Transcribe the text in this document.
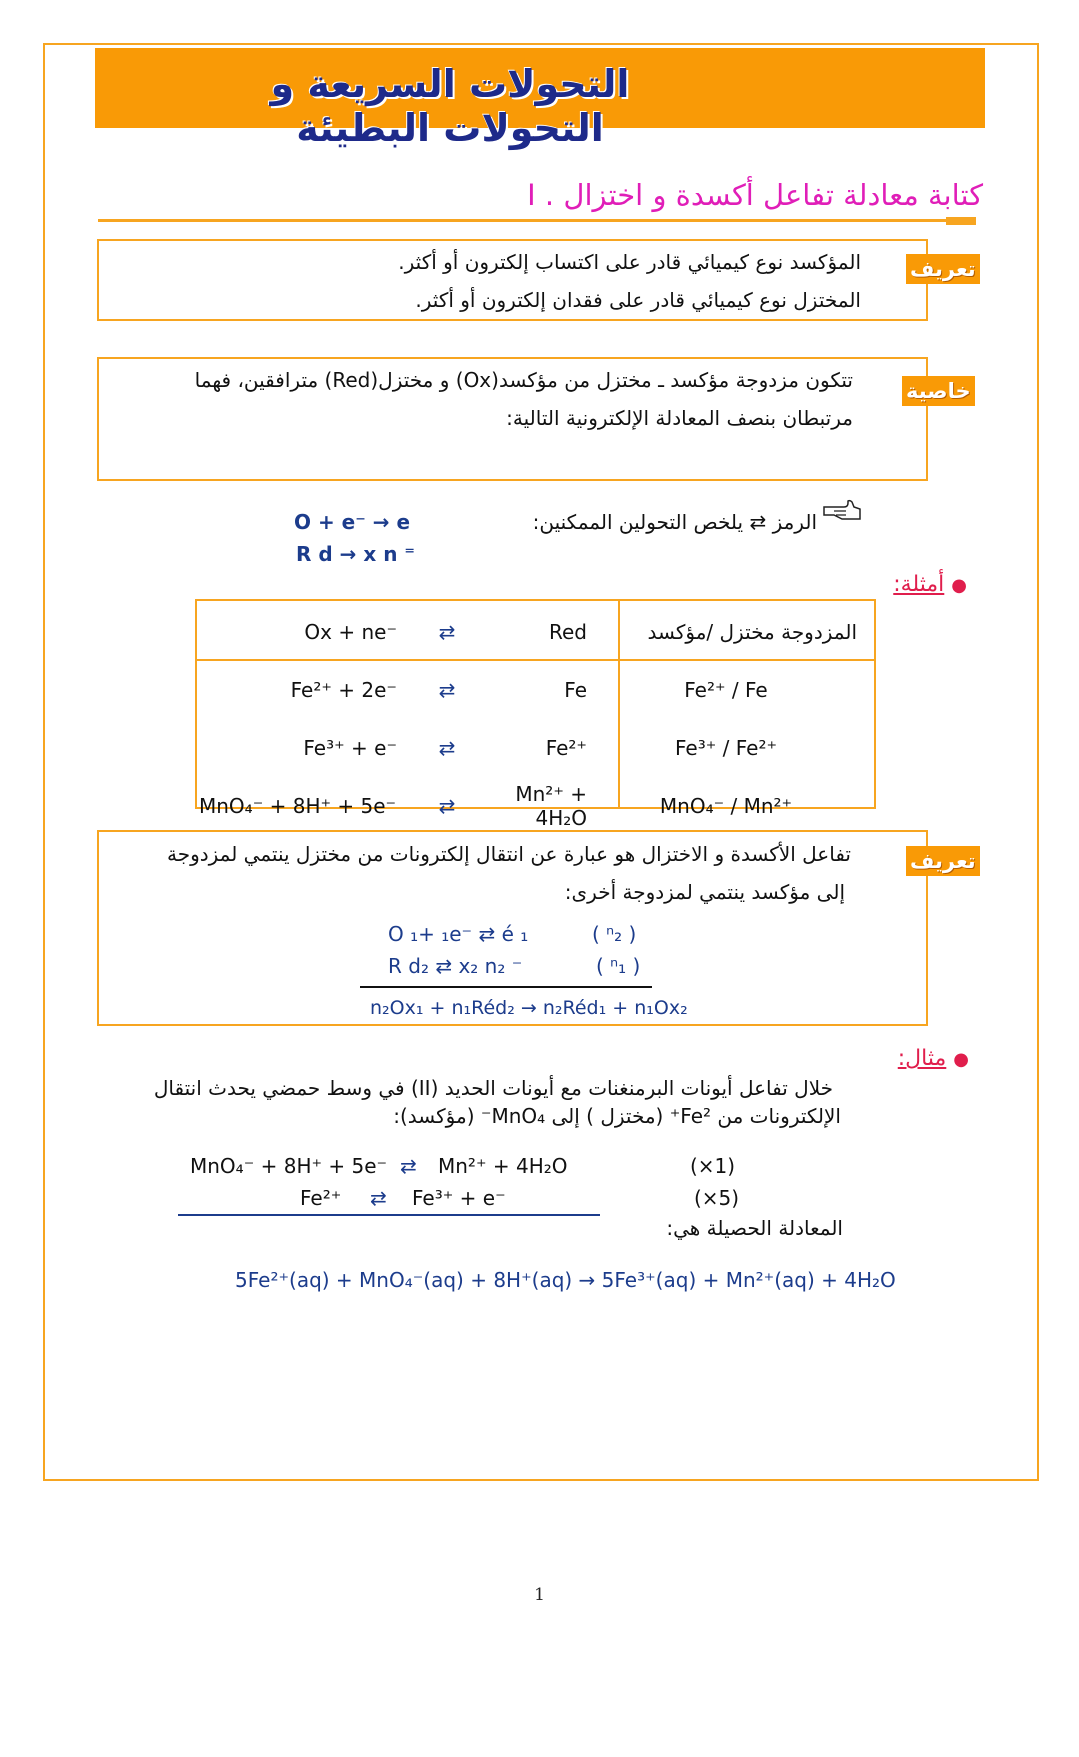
التحولات السريعة و التحولات البطيئة
كتابة معادلة تفاعل أكسدة و اختزال . I
تعريف
المؤكسد نوع كيميائي قادر على اكتساب إلكترون أو أكثر.
المختزل نوع كيميائي قادر على فقدان إلكترون أو أكثر.
خاصية
تتكون مزدوجة مؤكسد ـ مختزل من مؤكسد(Ox) و مختزل(Red) مترافقين، فهما
مرتبطان بنصف المعادلة الإلكترونية التالية:
الرمز ⇄ يلخص التحولين الممكنين:
O + e⁻ → e
R d → x n ⁼
● أمثلة:
Ox + ne⁻	⇄	Red	المزدوجة مختزل /مؤكسد
Fe²⁺ + 2e⁻	⇄	Fe	Fe²⁺ / Fe
Fe³⁺ + e⁻	⇄	Fe²⁺	Fe³⁺ / Fe²⁺
MnO₄⁻ + 8H⁺ + 5e⁻	⇄	Mn²⁺ + 4H₂O	MnO₄⁻ / Mn²⁺
تعريف
تفاعل الأكسدة و الاختزال هو عبارة عن انتقال إلكترونات من مختزل ينتمي لمزدوجة
إلى مؤكسد ينتمي لمزدوجة أخرى:
O ₁+ ₁e⁻ ⇄ é ₁	( ⁿ₂ )
R d₂ ⇄ x₂ n₂ ⁻	( ⁿ₁ )
n₂Ox₁ + n₁Réd₂ → n₂Réd₁ + n₁Ox₂
● مثال:
خلال تفاعل أيونات البرمنغنات مع أيونات الحديد (II) في وسط حمضي يحدث انتقال
الإلكترونات من Fe²⁺ (مختزل ) إلى MnO₄⁻ (مؤكسد):
MnO₄⁻ + 8H⁺ + 5e⁻ ⇄ Mn²⁺ + 4H₂O	(×1)
Fe²⁺ ⇄ Fe³⁺ + e⁻	(×5)
المعادلة الحصيلة هي:
5Fe²⁺(aq) + MnO₄⁻(aq) + 8H⁺(aq) → 5Fe³⁺(aq) + Mn²⁺(aq) + 4H₂O
1
